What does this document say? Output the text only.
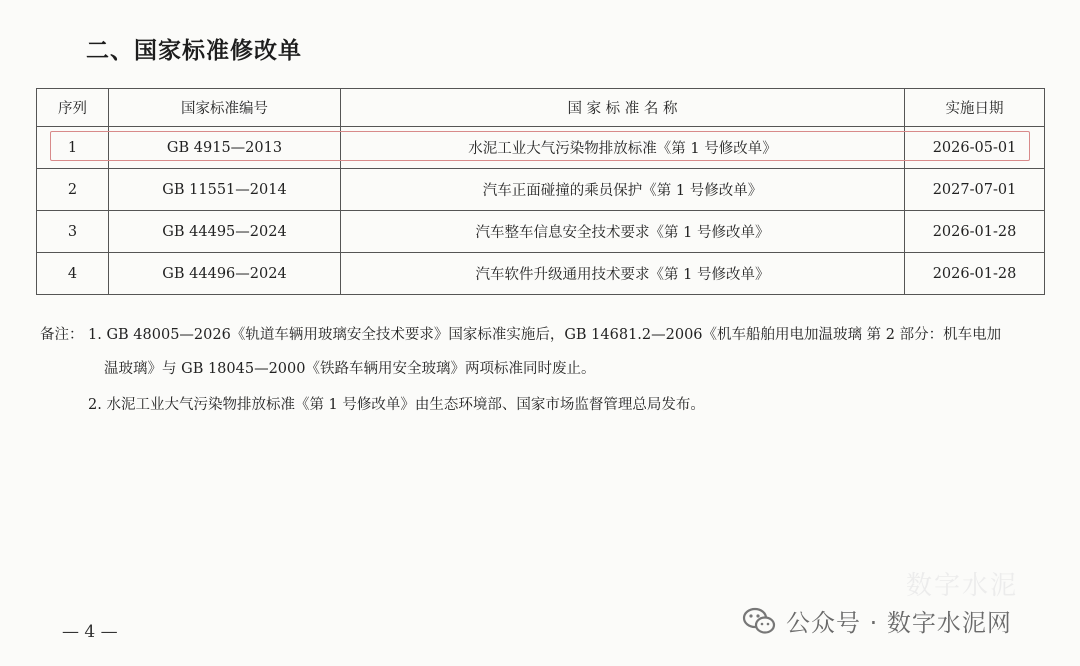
二、国家标准修改单
序列	国家标准编号	国 家 标 准 名 称	实施日期
1	GB 4915—2013	水泥工业大气污染物排放标准《第 1 号修改单》	2026-05-01
2	GB 11551—2014	汽车正面碰撞的乘员保护《第 1 号修改单》	2027-07-01
3	GB 44495—2024	汽车整车信息安全技术要求《第 1 号修改单》	2026-01-28
4	GB 44496—2024	汽车软件升级通用技术要求《第 1 号修改单》	2026-01-28
备注： 1. GB 48005—2026《轨道车辆用玻璃安全技术要求》国家标准实施后，GB 14681.2—2006《机车船舶用电加温玻璃 第 2 部分：机车电加
温玻璃》与 GB 18045—2000《铁路车辆用安全玻璃》两项标准同时废止。
2. 水泥工业大气污染物排放标准《第 1 号修改单》由生态环境部、国家市场监督管理总局发布。
数字水泥
公众号 · 数字水泥网
— 4 —
